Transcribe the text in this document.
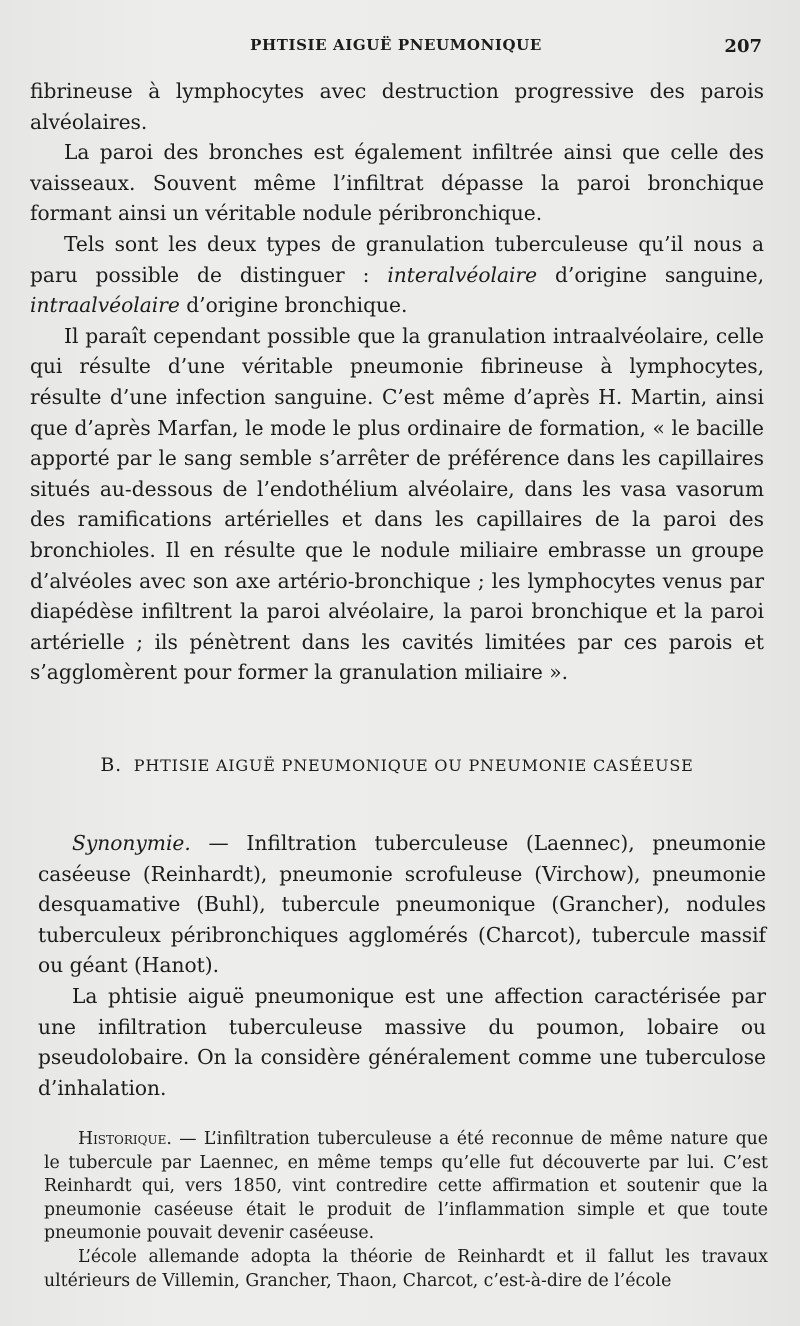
PHTISIE AIGUË PNEUMONIQUE	207

fibrineuse à lymphocytes avec destruction progressive des parois alvéolaires.

La paroi des bronches est également infiltrée ainsi que celle des vaisseaux. Souvent même l’infiltrat dépasse la paroi bronchique formant ainsi un véritable nodule péribronchique.

Tels sont les deux types de granulation tuberculeuse qu’il nous a paru possible de distinguer : interalvéolaire d’origine sanguine, intraalvéolaire d’origine bronchique.

Il paraît cependant possible que la granulation intraalvéolaire, celle qui résulte d’une véritable pneumonie fibrineuse à lymphocytes, résulte d’une infection sanguine. C’est même d’après H. Martin, ainsi que d’après Marfan, le mode le plus ordinaire de formation, « le bacille apporté par le sang semble s’arrêter de préférence dans les capillaires situés au-dessous de l’endothélium alvéolaire, dans les vasa vasorum des ramifications artérielles et dans les capillaires de la paroi des bronchioles. Il en résulte que le nodule miliaire embrasse un groupe d’alvéoles avec son axe artério-bronchique ; les lymphocytes venus par diapédèse infiltrent la paroi alvéolaire, la paroi bronchique et la paroi artérielle ; ils pénètrent dans les cavités limitées par ces parois et s’agglomèrent pour former la granulation miliaire ».

B. PHTISIE AIGUË PNEUMONIQUE OU PNEUMONIE CASÉEUSE

Synonymie. — Infiltration tuberculeuse (Laennec), pneumonie caséeuse (Reinhardt), pneumonie scrofuleuse (Virchow), pneumonie desquamative (Buhl), tubercule pneumonique (Grancher), nodules tuberculeux péribronchiques agglomérés (Charcot), tubercule massif ou géant (Hanot).

La phtisie aiguë pneumonique est une affection caractérisée par une infiltration tuberculeuse massive du poumon, lobaire ou pseudolobaire. On la considère généralement comme une tuberculose d’inhalation.

Historique. — L’infiltration tuberculeuse a été reconnue de même nature que le tubercule par Laennec, en même temps qu’elle fut découverte par lui. C’est Reinhardt qui, vers 1850, vint contredire cette affirmation et soutenir que la pneumonie caséeuse était le produit de l’inflammation simple et que toute pneumonie pouvait devenir caséeuse.

L’école allemande adopta la théorie de Reinhardt et il fallut les travaux ultérieurs de Villemin, Grancher, Thaon, Charcot, c’est-à-dire de l’école
